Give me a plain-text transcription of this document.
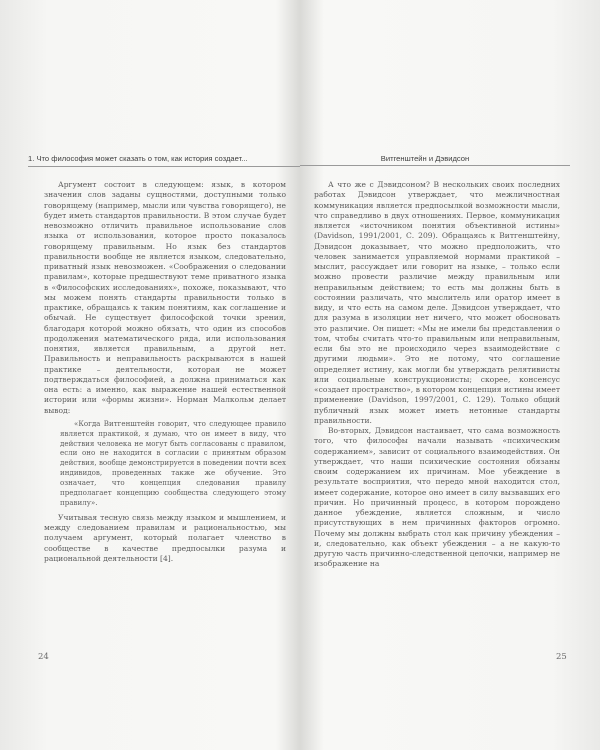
1. Что философия может сказать о том, как история создает...

Аргумент состоит в следующем: язык, в котором значения слов заданы сущностями, доступными только говорящему (например, мысли или чувства говорящего), не будет иметь стандартов правильности. В этом случае будет невозможно отличить правильное использование слов языка от использования, которое просто показалось говорящему правильным. Но язык без стандартов правильности вообще не является языком, следовательно, приватный язык невозможен. «Соображения о следовании правилам», которые предшествуют теме приватного языка в «Философских исследованиях», похоже, показывают, что мы можем понять стандарты правильности только в практике, обращаясь к таким понятиям, как соглашение и обычай. Не существует философской точки зрения, благодаря которой можно обязать, что один из способов продолжения математического ряда, или использования понятия, является правильным, а другой нет. Правильность и неправильность раскрываются в нашей практике – деятельности, которая не может подтверждаться философией, а должна приниматься как она есть: а именно, как выражение нашей естественной истории или «формы жизни». Норман Малкольм делает вывод:

«Когда Витгенштейн говорит, что следующее правило является практикой, я думаю, что он имеет в виду, что действия человека не могут быть согласованы с правилом, если оно не находится в согласии с принятым образом действия, вообще демонстрируется в поведении почти всех индивидов, проведенных также же обучение. Это означает, что концепция следования правилу предполагает концепцию сообщества следующего этому правилу».

Учитывая тесную связь между языком и мышлением, и между следованием правилам и рациональностью, мы получаем аргумент, который полагает членство в сообществе в качестве предпосылки разума и рациональной деятельности [4].

24
Витгенштейн и Дэвидсон

А что же с Дэвидсоном? В нескольких своих последних работах Дэвидсон утверждает, что межличностная коммуникация является предпосылкой возможности мысли, что справедливо в двух отношениях. Первое, коммуникация является «источником понятия объективной истины» (Davidson, 1991/2001, С. 209). Обращаясь к Витгенштейну, Дэвидсон доказывает, что можно предположить, что человек занимается управляемой нормами практикой – мыслит, рассуждает или говорит на языке, – только если можно провести различие между правильным или неправильным действием; то есть мы должны быть в состоянии различать, что мыслитель или оратор имеет в виду, и что есть на самом деле. Дэвидсон утверждает, что для разума в изоляции нет ничего, что может обосновать это различие. Он пишет: «Мы не имели бы представления о том, чтобы считать что-то правильным или неправильным, если бы это не происходило через взаимодействие с другими людьми». Это не потому, что соглашение определяет истину, как могли бы утверждать релятивисты или социальные конструкционисты; скорее, консенсус «создает пространство», в котором концепция истины имеет применение (Davidson, 1997/2001, С. 129). Только общий публичный язык может иметь нетонные стандарты правильности.

Во-вторых, Дэвидсон настаивает, что сама возможность того, что философы начали называть «психическим содержанием», зависит от социального взаимодействия. Он утверждает, что наши психические состояния обязаны своим содержанием их причинам. Мое убеждение в результате восприятия, что передо мной находится стол, имеет содержание, которое оно имеет в силу вызвавших его причин. Но причинный процесс, в котором порождено данное убеждение, является сложным, и число присутствующих в нем причинных факторов огромно. Почему мы должны выбрать стол как причину убеждения – и, следовательно, как объект убеждения – а не какую-то другую часть причинно-следственной цепочки, например не изображение на

25
